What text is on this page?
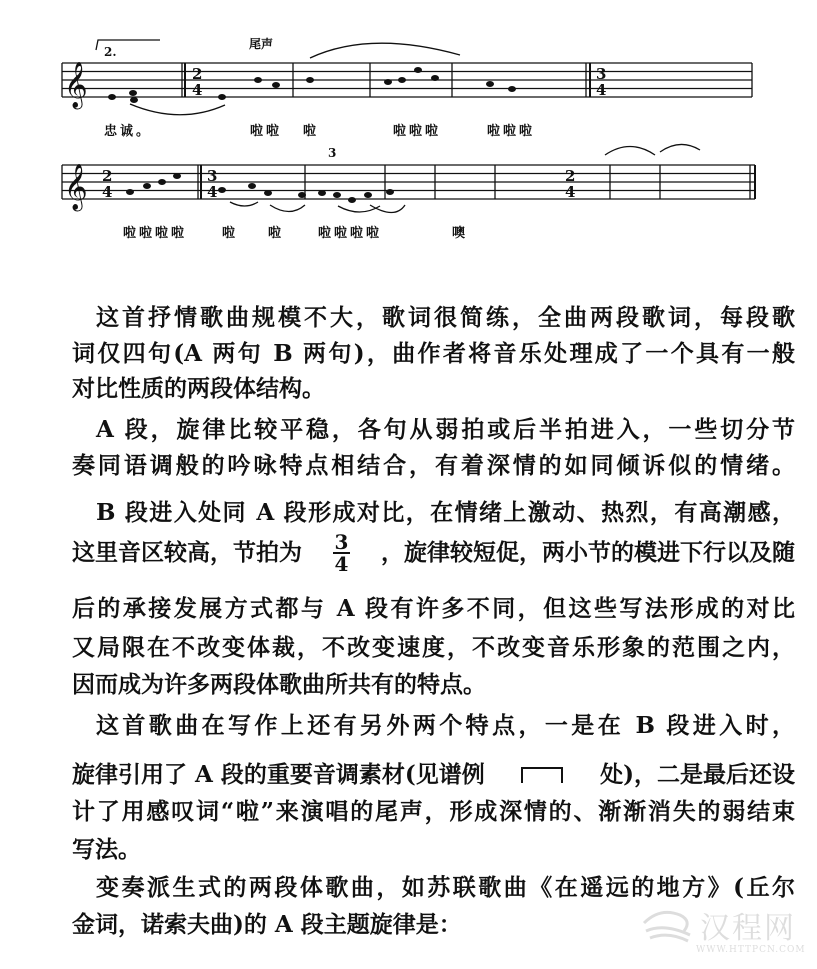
𝄞
𝄞
2.
尾声
3
2
4
3
4
2
4
3
4
2
4
忠诚。	啦啦 啦	啦啦啦	啦啦啦
啦啦啦啦	啦 啦	啦啦啦啦	噢
这首抒情歌曲规模不大，歌词很简练，全曲两段歌词，每段歌
词仅四句(A 两句 B 两句)，曲作者将音乐处理成了一个具有一般
对比性质的两段体结构。
A 段，旋律比较平稳，各句从弱拍或后半拍进入，一些切分节
奏同语调般的吟咏特点相结合，有着深情的如同倾诉似的情绪。
B 段进入处同 A 段形成对比，在情绪上激动、热烈，有高潮感，
这里音区较高，节拍为 $\frac{3}{4}$ ，旋律较短促，两小节的模进下行以及随
后的承接发展方式都与 A 段有许多不同，但这些写法形成的对比
又局限在不改变体裁，不改变速度，不改变音乐形象的范围之内，
因而成为许多两段体歌曲所共有的特点。
这首歌曲在写作上还有另外两个特点，一是在 B 段进入时，
旋律引用了 A 段的重要音调素材(见谱例	处)，二是最后还设
计了用感叹词“啦”来演唱的尾声，形成深情的、渐渐消失的弱结束
写法。
变奏派生式的两段体歌曲，如苏联歌曲《在遥远的地方》(丘尔
金词，诺索夫曲)的 A 段主题旋律是：	汉程网
WWW.HTTPCN.COM
